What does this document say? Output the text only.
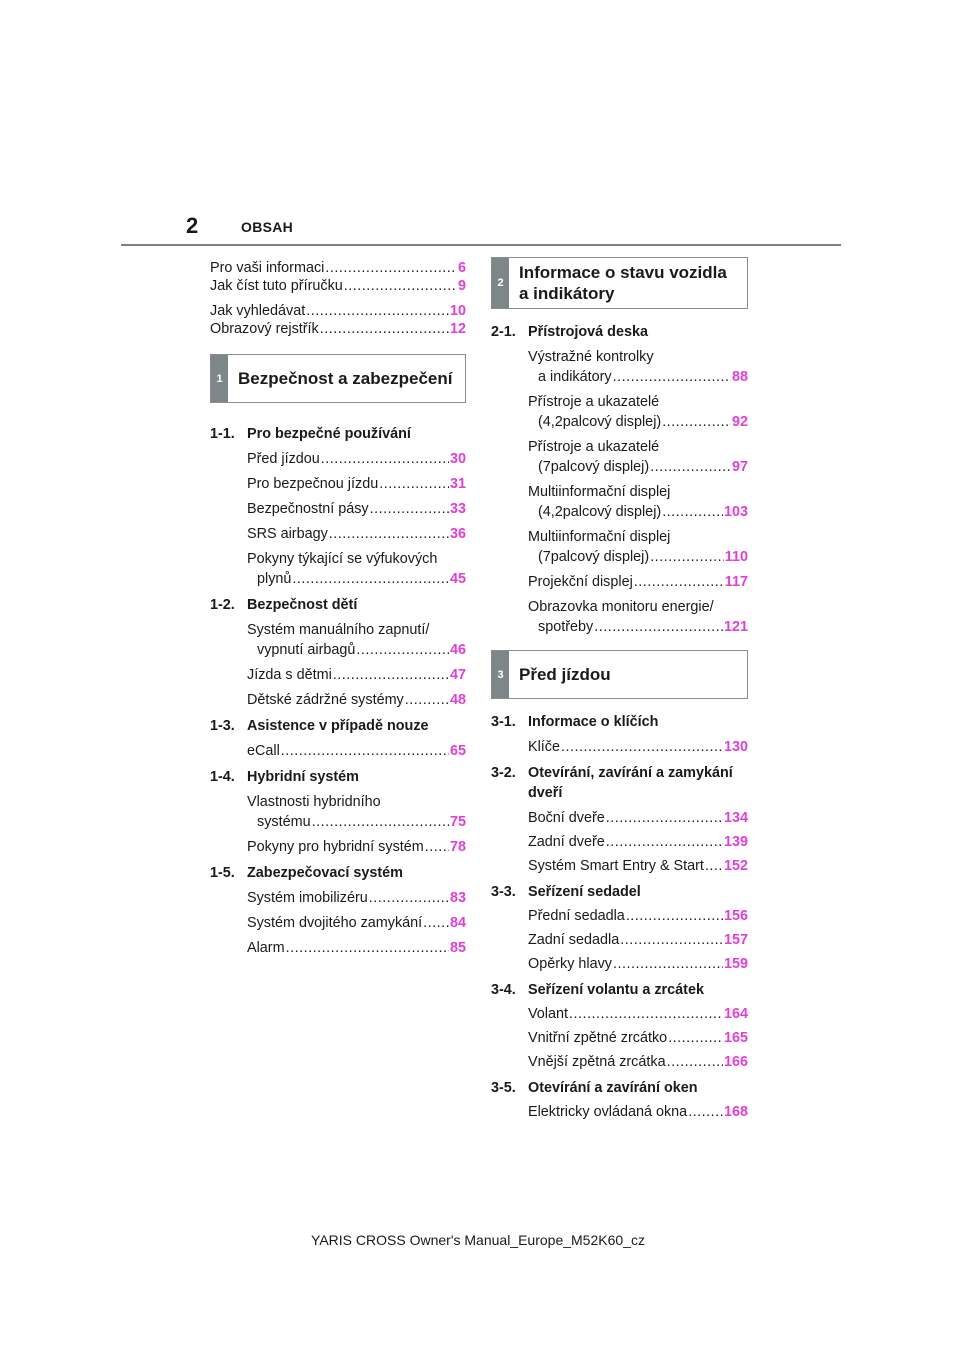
2	OBSAH
Pro vaši informaci .....	6
Jak číst tuto příručku .....	9
Jak vyhledávat .....	10
Obrazový rejstřík .....	12
1 Bezpečnost a zabezpečení
1-1. Pro bezpečné používání
Před jízdou .....	30
Pro bezpečnou jízdu .....	31
Bezpečnostní pásy .....	33
SRS airbagy .....	36
Pokyny týkající se výfukových
plynů .....	45
1-2. Bezpečnost dětí
Systém manuálního zapnutí/
vypnutí airbagů .....	46
Jízda s dětmi .....	47
Dětské zádržné systémy .....	48
1-3. Asistence v případě nouze
eCall .....	65
1-4. Hybridní systém
Vlastnosti hybridního
systému .....	75
Pokyny pro hybridní systém ..... 78
1-5. Zabezpečovací systém
Systém imobilizéru .....	83
Systém dvojitého zamykání ..... 84
Alarm .....	85
2
Informace o stavu vozidla
a indikátory
2-1. Přístrojová deska
Výstražné kontrolky
a indikátory .....	88
Přístroje a ukazatelé
(4,2palcový displej) .....	92
Přístroje a ukazatelé
(7palcový displej) .....	97
Multiinformační displej
(4,2palcový displej) .....	103
Multiinformační displej
(7palcový displej) .....	110
Projekční displej .....	117
Obrazovka monitoru energie/
spotřeby .....	121
3 Před jízdou
3-1. Informace o klíčích
Klíče .....	130
3-2. Otevírání, zavírání a zamykání
dveří
Boční dveře .....	134
Zadní dveře .....	139
Systém Smart Entry & Start ..... 152
3-3. Seřízení sedadel
Přední sedadla .....	156
Zadní sedadla .....	157
Opěrky hlavy .....	159
3-4. Seřízení volantu a zrcátek
Volant .....	164
Vnitřní zpětné zrcátko .....	165
Vnější zpětná zrcátka .....	166
3-5. Otevírání a zavírání oken
Elektricky ovládaná okna .....	168
YARIS CROSS Owner's Manual_Europe_M52K60_cz
